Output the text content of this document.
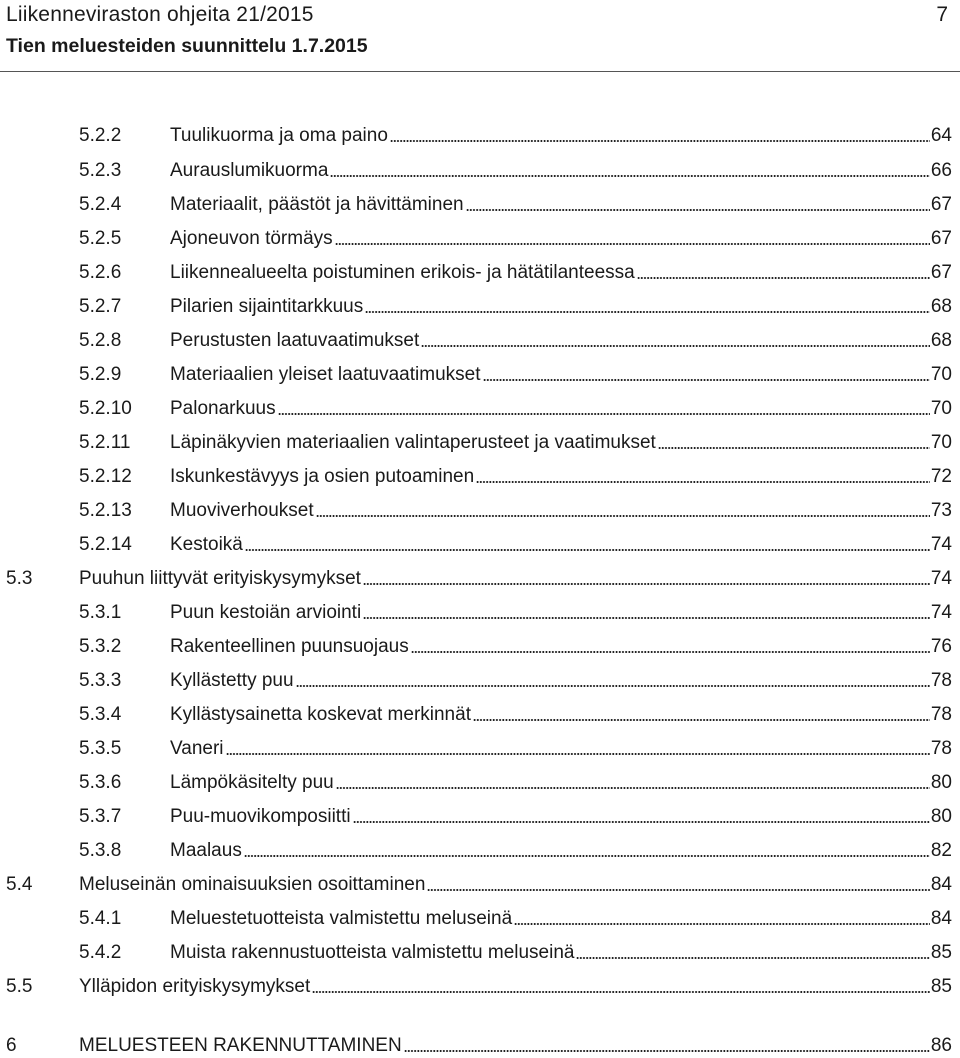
Liikenneviraston ohjeita 21/2015	7
Tien meluesteiden suunnittelu 1.7.2015
5.2.2	Tuulikuorma ja oma paino	64
5.2.3	Aurauslumikuorma	66
5.2.4	Materiaalit, päästöt ja hävittäminen	67
5.2.5	Ajoneuvon törmäys	67
5.2.6	Liikennealueelta poistuminen erikois- ja hätätilanteessa	67
5.2.7	Pilarien sijaintitarkkuus	68
5.2.8	Perustusten laatuvaatimukset	68
5.2.9	Materiaalien yleiset laatuvaatimukset	70
5.2.10 Palonarkuus	70
5.2.11 Läpinäkyvien materiaalien valintaperusteet ja vaatimukset	70
5.2.12 Iskunkestävyys ja osien putoaminen	72
5.2.13 Muoviverhoukset	73
5.2.14 Kestoikä	74
5.3 Puuhun liittyvät erityiskysymykset	74
5.3.1	Puun kestoiän arviointi	74
5.3.2	Rakenteellinen puunsuojaus	76
5.3.3	Kyllästetty puu	78
5.3.4	Kyllästysainetta koskevat merkinnät	78
5.3.5	Vaneri	78
5.3.6	Lämpökäsitelty puu	80
5.3.7	Puu-muovikomposiitti	80
5.3.8	Maalaus	82
5.4 Meluseinän ominaisuuksien osoittaminen	84
5.4.1	Meluestetuotteista valmistettu meluseinä	84
5.4.2	Muista rakennustuotteista valmistettu meluseinä	85
5.5 Ylläpidon erityiskysymykset	85
6	MELUESTEEN RAKENNUTTAMINEN	86
